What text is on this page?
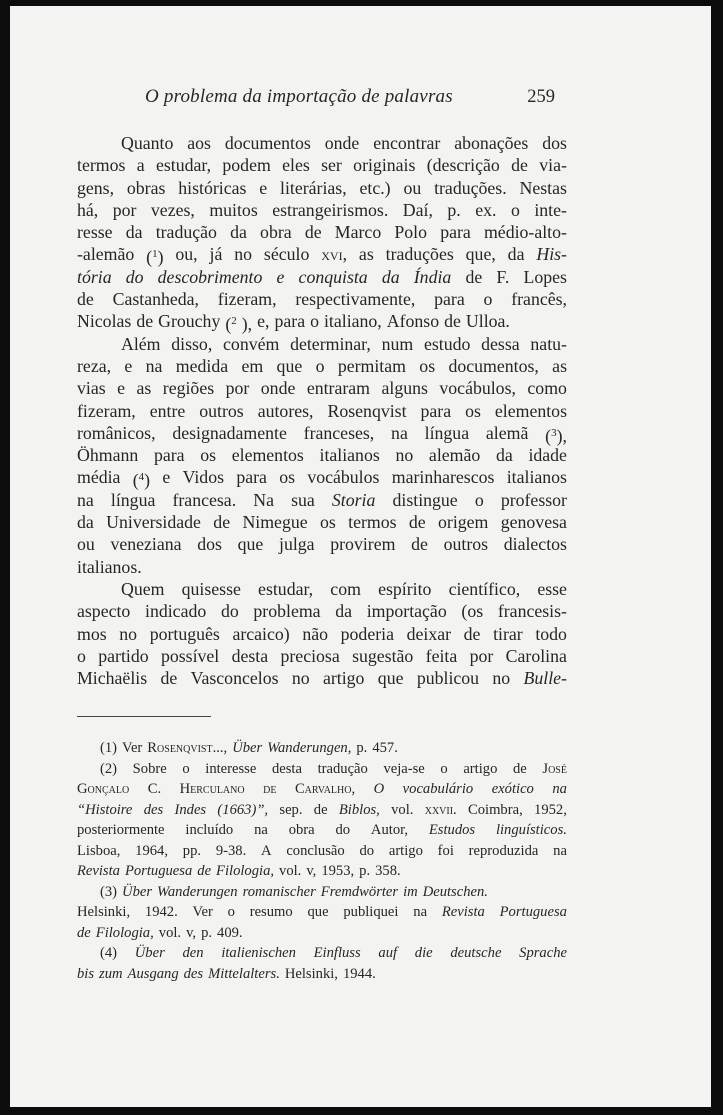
O problema da importação de palavras	259
Quanto aos documentos onde encontrar abonações dos
termos a estudar, podem eles ser originais (descrição de via-
gens, obras históricas e literárias, etc.) ou traduções. Nestas
há, por vezes, muitos estrangeirismos. Daí, p. ex. o inte-
resse da tradução da obra de Marco Polo para médio-alto-
-alemão ($^1$) ou, já no século xvi, as traduções que, da His-
tória do descobrimento e conquista da Índia de F. Lopes
de Castanheda, fizeram, respectivamente, para o francês,
Nicolas de Grouchy ($^2$ ), e, para o italiano, Afonso de Ulloa.
Além disso, convém determinar, num estudo dessa natu-
reza, e na medida em que o permitam os documentos, as
vias e as regiões por onde entraram alguns vocábulos, como
fizeram, entre outros autores, Rosenqvist para os elementos
românicos, designadamente franceses, na língua alemã ($^3$),
Öhmann para os elementos italianos no alemão da idade
média ($^4$) e Vidos para os vocábulos marinharescos italianos
na língua francesa. Na sua Storia distingue o professor
da Universidade de Nimegue os termos de origem genovesa
ou veneziana dos que julga provirem de outros dialectos
italianos.
Quem quisesse estudar, com espírito científico, esse
aspecto indicado do problema da importação (os francesis-
mos no português arcaico) não poderia deixar de tirar todo
o partido possível desta preciosa sugestão feita por Carolina
Michaëlis de Vasconcelos no artigo que publicou no Bulle-
(1) Ver Rosenqvist..., Über Wanderungen, p. 457.
(2) Sobre o interesse desta tradução veja-se o artigo de José
Gonçalo C. Herculano de Carvalho, O vocabulário exótico na
“Histoire des Indes (1663)”, sep. de Biblos, vol. xxvii. Coimbra, 1952,
posteriormente incluído na obra do Autor, Estudos linguísticos.
Lisboa, 1964, pp. 9-38. A conclusão do artigo foi reproduzida na
Revista Portuguesa de Filologia, vol. v, 1953, p. 358.
(3) Über Wanderungen romanischer Fremdwörter im Deutschen.
Helsinki, 1942. Ver o resumo que publiquei na Revista Portuguesa
de Filologia, vol. v, p. 409.
(4) Über den italienischen Einfluss auf die deutsche Sprache
bis zum Ausgang des Mittelalters. Helsinki, 1944.
